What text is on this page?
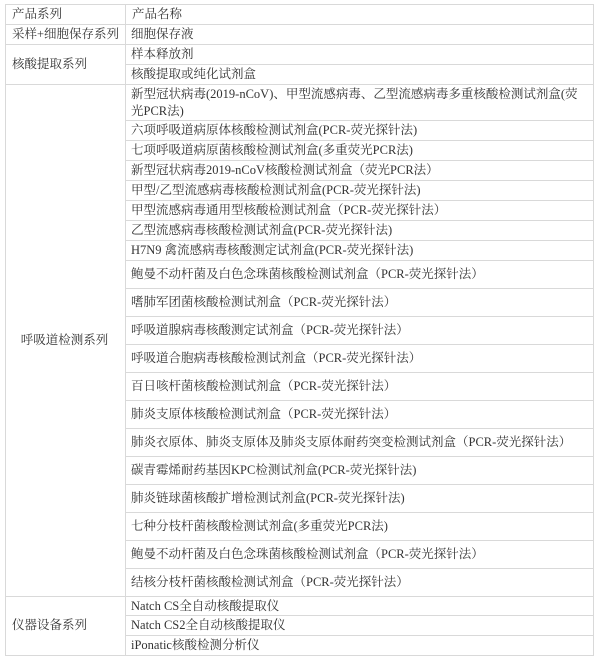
产品系列	产品名称
采样+细胞保存系列	细胞保存液
核酸提取系列	样本释放剂
	核酸提取或纯化试剂盒
呼吸道检测系列	新型冠状病毒(2019-nCoV)、甲型流感病毒、乙型流感病毒多重核酸检测试剂盒(荧光PCR法)
	六项呼吸道病原体核酸检测试剂盒(PCR-荧光探针法)
	七项呼吸道病原菌核酸检测试剂盒(多重荧光PCR法)
	新型冠状病毒2019-nCoV核酸检测试剂盒（荧光PCR法）
	甲型/乙型流感病毒核酸检测试剂盒(PCR-荧光探针法)
	甲型流感病毒通用型核酸检测试剂盒（PCR-荧光探针法）
	乙型流感病毒核酸检测试剂盒(PCR-荧光探针法)
	H7N9 禽流感病毒核酸测定试剂盒(PCR-荧光探针法)
	鲍曼不动杆菌及白色念珠菌核酸检测试剂盒（PCR-荧光探针法）
	嗜肺军团菌核酸检测试剂盒（PCR-荧光探针法）
	呼吸道腺病毒核酸测定试剂盒（PCR-荧光探针法）
	呼吸道合胞病毒核酸检测试剂盒（PCR-荧光探针法）
	百日咳杆菌核酸检测试剂盒（PCR-荧光探针法）
	肺炎支原体核酸检测试剂盒（PCR-荧光探针法）
	肺炎衣原体、肺炎支原体及肺炎支原体耐药突变检测试剂盒（PCR-荧光探针法）
	碳青霉烯耐药基因KPC检测试剂盒(PCR-荧光探针法)
	肺炎链球菌核酸扩增检测试剂盒(PCR-荧光探针法)
	七种分枝杆菌核酸检测试剂盒(多重荧光PCR法)
	鲍曼不动杆菌及白色念珠菌核酸检测试剂盒（PCR-荧光探针法）
	结核分枝杆菌核酸检测试剂盒（PCR-荧光探针法）
仪器设备系列	Natch CS全自动核酸提取仪
	Natch CS2全自动核酸提取仪
	iPonatic核酸检测分析仪
